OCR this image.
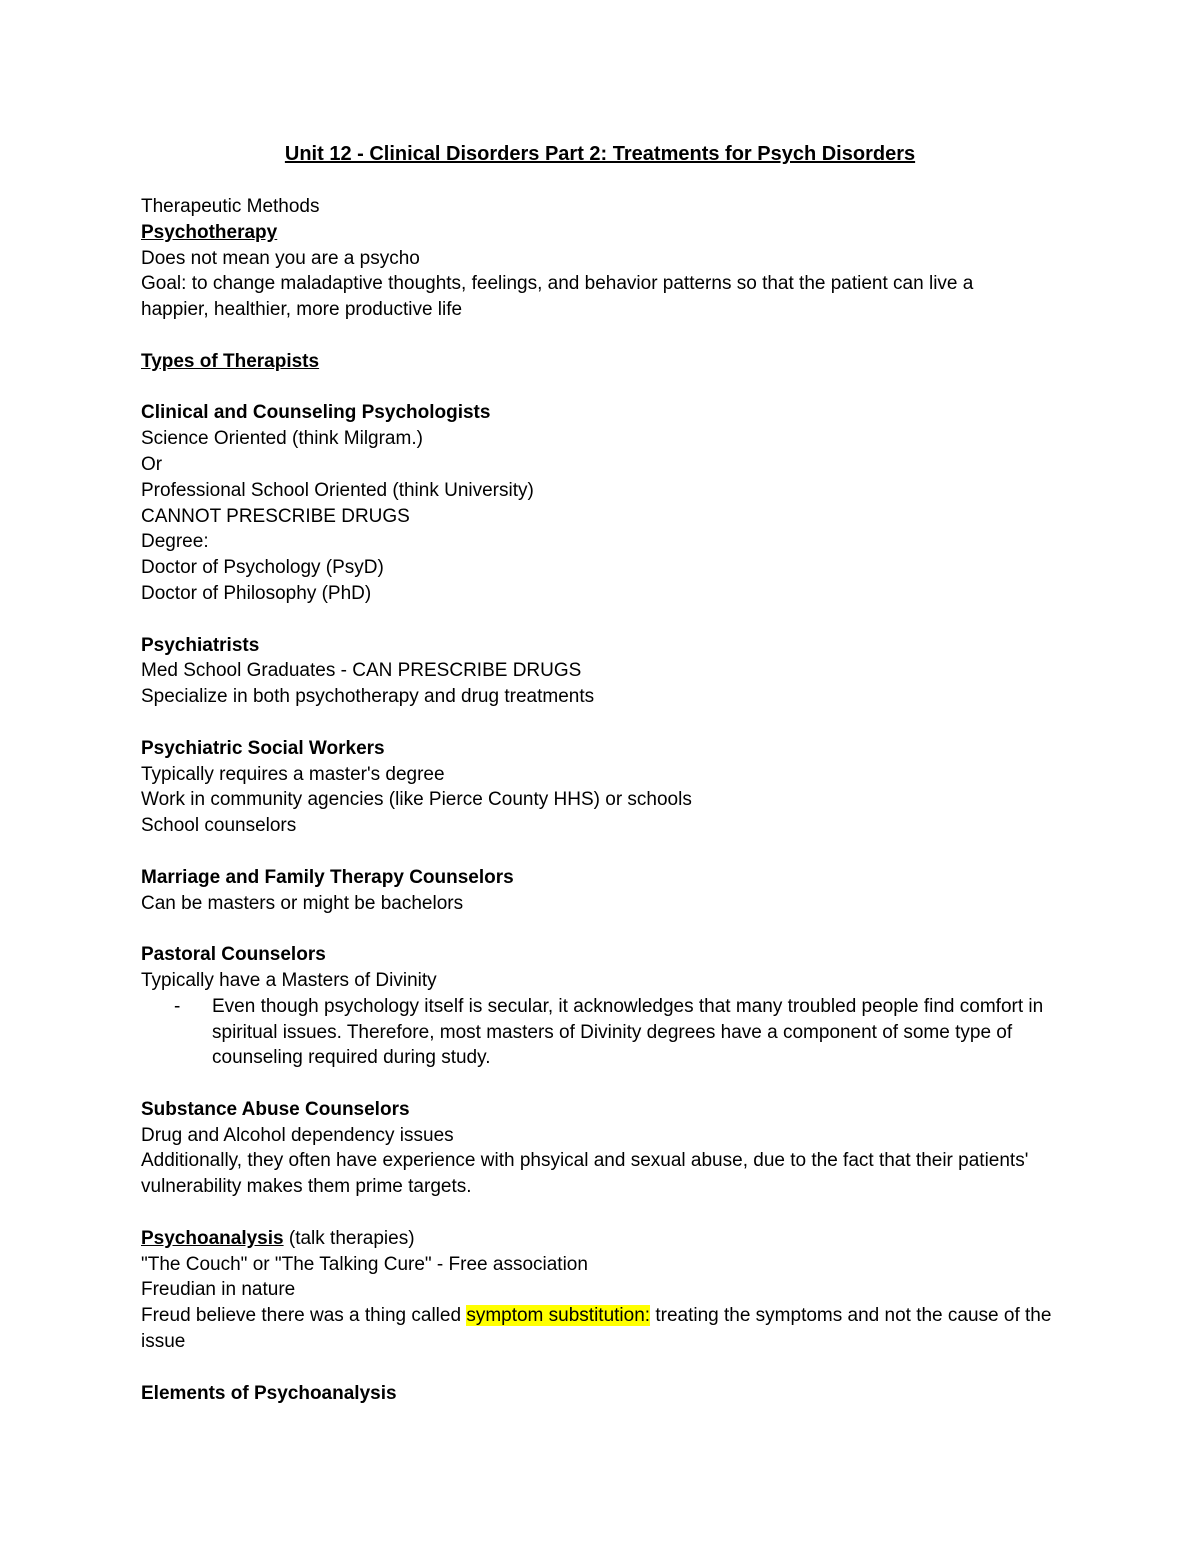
Unit 12 - Clinical Disorders Part 2: Treatments for Psych Disorders
Therapeutic Methods
Psychotherapy
Does not mean you are a psycho
Goal: to change maladaptive thoughts, feelings, and behavior patterns so that the patient can live a happier, healthier, more productive life
Types of Therapists
Clinical and Counseling Psychologists
Science Oriented (think Milgram.)
Or
Professional School Oriented (think University)
CANNOT PRESCRIBE DRUGS
Degree:
Doctor of Psychology (PsyD)
Doctor of Philosophy (PhD)
Psychiatrists
Med School Graduates - CAN PRESCRIBE DRUGS
Specialize in both psychotherapy and drug treatments
Psychiatric Social Workers
Typically requires a master's degree
Work in community agencies (like Pierce County HHS) or schools
School counselors
Marriage and Family Therapy Counselors
Can be masters or might be bachelors
Pastoral Counselors
Typically have a Masters of Divinity
-	Even though psychology itself is secular, it acknowledges that many troubled people find comfort in spiritual issues. Therefore, most masters of Divinity degrees have a component of some type of counseling required during study.
Substance Abuse Counselors
Drug and Alcohol dependency issues
Additionally, they often have experience with phsyical and sexual abuse, due to the fact that their patients' vulnerability makes them prime targets.
Psychoanalysis (talk therapies)
"The Couch" or "The Talking Cure" - Free association
Freudian in nature
Freud believe there was a thing called symptom substitution: treating the symptoms and not the cause of the issue
Elements of Psychoanalysis
